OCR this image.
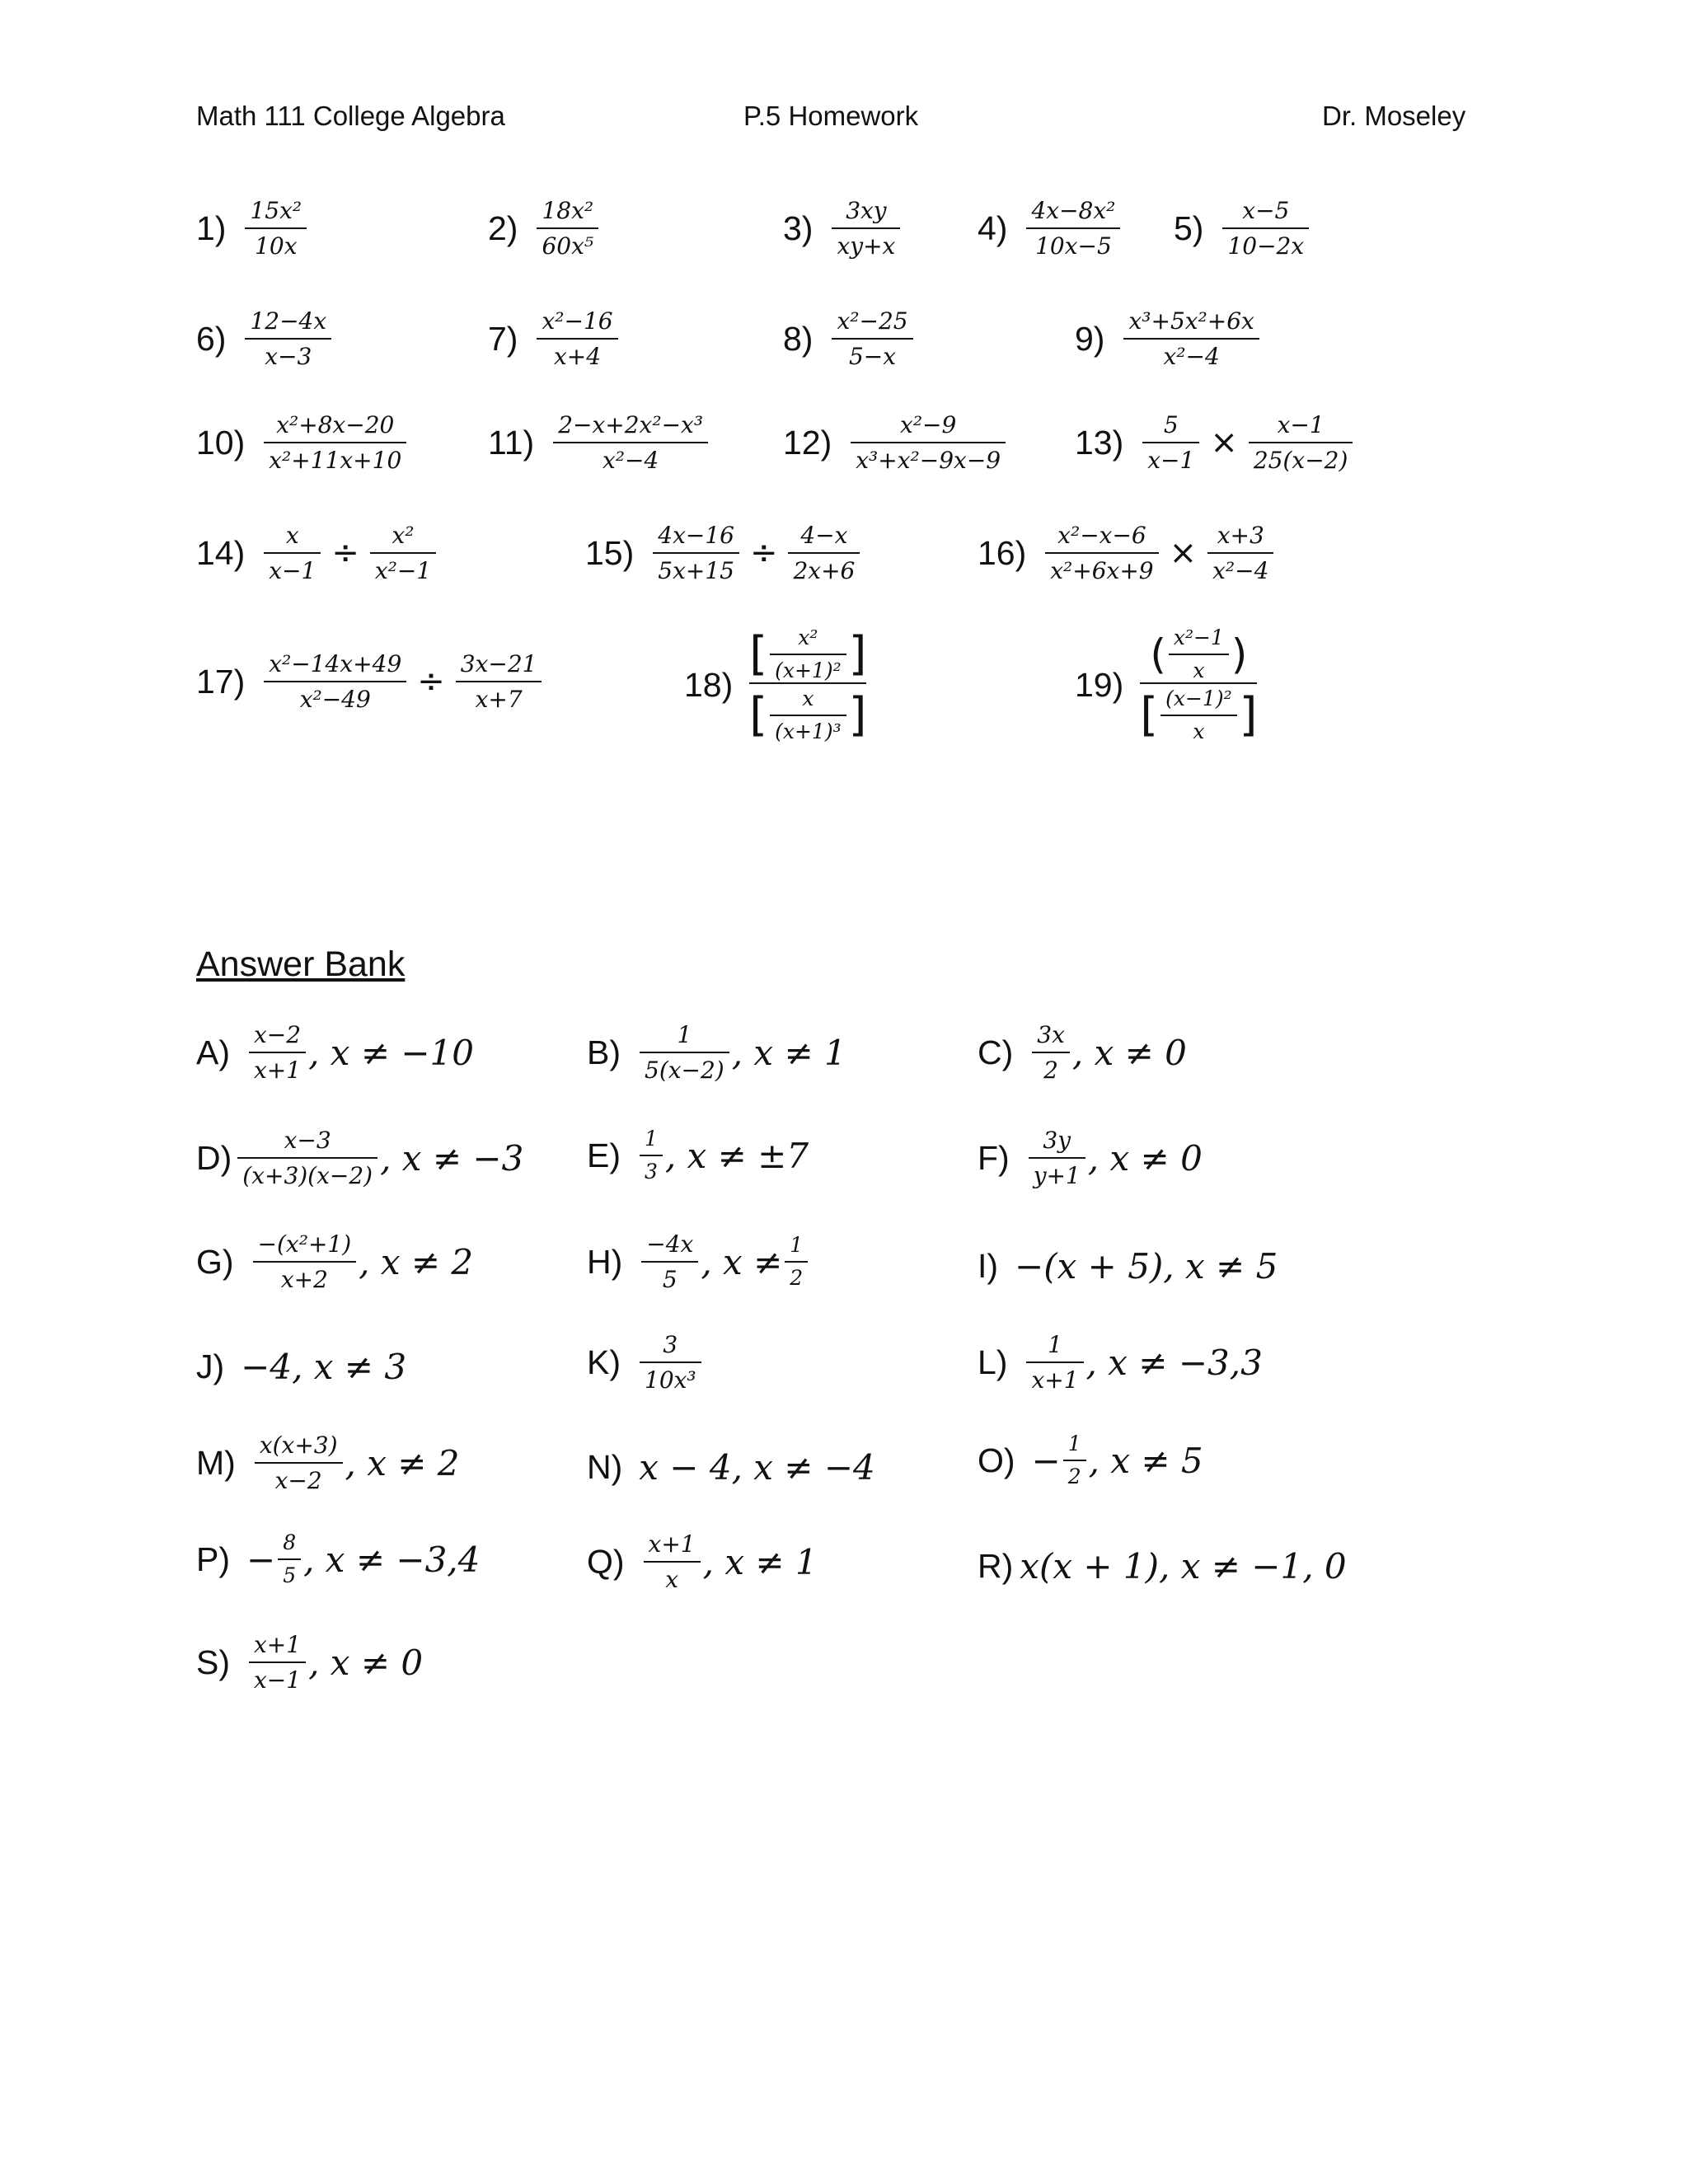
Math 111 College Algebra	P.5 Homework	Dr. Moseley
$1) \frac{\text{15x²}}{10x}$	$2) \frac{\text{18x²}}{\text{60x⁵}}$	$3) \frac{3xy}{xy+x} 4) \frac{\text{4x−8x²}}{10x-5} 5) \frac{x-5}{10-2x}$
$6) \frac{12-4x}{x-3}$	$7) \frac{\text{x²−16}}{x+4}$	$8) \frac{\text{x²−25}}{5-x}$	$9) \frac{\text{x³+5x²+6x}}{\text{x²−4}}$
$10) \frac{\text{x²+8x−20}}{\text{x²+11x+10}} 11) \frac{\text{2−x+2x²−x³}}{\text{x²−4}} 12) \frac{\text{x²−9}}{\text{x³+x²−9x−9}} 13) \frac{5}{x-1} \times \frac{x-1}{25(x-2)}$
$14) \frac{x}{x-1} \div \frac{\text{x²}}{\text{x²−1}}$	$15) \frac{4x-16}{5x+15} \div \frac{4-x}{2x+6}$	$16) \frac{\text{x²−x−6}}{\text{x²+6x+9}} \times \frac{x+3}{\text{x²−4}}$
$17) \frac{\text{x²−14x+49}}{\text{x²−49}} \div \frac{3x-21}{x+7}$	$18) \frac{[ \frac{\text{x²}}{\text{(x+1)²}} ]}{[ \frac{x}{\text{(x+1)³}} ]}$	$19) \frac{( \frac{\text{x²−1}}{x} )}{[ \frac{\text{(x−1)²}}{x} ]}$
Answer Bank
$A) \frac{x-2}{x+1}$ , x ≠ −10	$B) \frac{1}{5(x-2)}$ , x ≠ 1	$C) \frac{3x}{2}$ , x ≠ 0
$D) \frac{x-3}{(x+3)(x-2)}$ , x ≠ −3 $E) \frac{1}{3}$ , x ≠ ±7	$F) \frac{3y}{y+1}$ , x ≠ 0
$G) \frac{\text{−(x²+1)}}{x+2}$ , x ≠ 2	$H) \frac{-4x}{5}$ , $x \ne \frac{1}{2}$	I) −(x + 5), x ≠ 5
J) −4, x ≠ 3	$K) \frac{3}{\text{10x³}}$	$L) \frac{1}{x+1}$ , x ≠ −3,3
$M) \frac{x(x+3)}{x-2}$ , x ≠ 2	N) x − 4, x ≠ −4	$O) - \frac{1}{2}$ , x ≠ 5
$P) - \frac{8}{5}$ , x ≠ −3,4	$Q) \frac{x+1}{x}$ , x ≠ 1	R) x(x + 1), x ≠ −1, 0
$S) \frac{x+1}{x-1}$ , x ≠ 0
